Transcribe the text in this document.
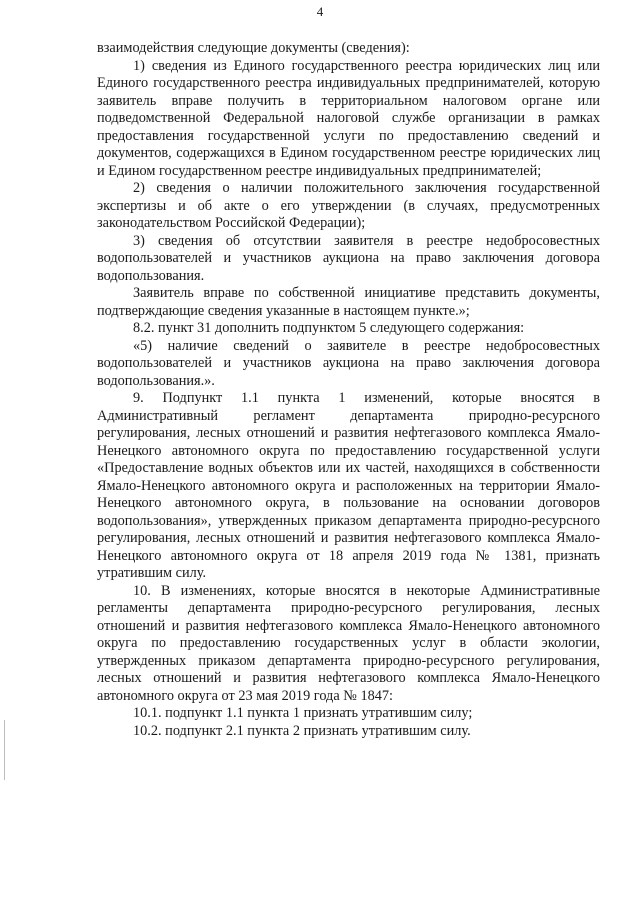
4

взаимодействия следующие документы (сведения):

1) сведения из Единого государственного реестра юридических лиц или Единого государственного реестра индивидуальных предпринимателей, которую заявитель вправе получить в территориальном налоговом органе или подведомственной Федеральной налоговой службе организации в рамках предоставления государственной услуги по предоставлению сведений и документов, содержащихся в Едином государственном реестре юридических лиц и Едином государственном реестре индивидуальных предпринимателей;

2) сведения о наличии положительного заключения государственной экспертизы и об акте о его утверждении (в случаях, предусмотренных законодательством Российской Федерации);

3) сведения об отсутствии заявителя в реестре недобросовестных водопользователей и участников аукциона на право заключения договора водопользования.

Заявитель вправе по собственной инициативе представить документы, подтверждающие сведения указанные в настоящем пункте.»;

8.2. пункт 31 дополнить подпунктом 5 следующего содержания:

«5) наличие сведений о заявителе в реестре недобросовестных водопользователей и участников аукциона на право заключения договора водопользования.».

9. Подпункт 1.1 пункта 1 изменений, которые вносятся в Административный регламент департамента природно-ресурсного регулирования, лесных отношений и развития нефтегазового комплекса Ямало-Ненецкого автономного округа по предоставлению государственной услуги «Предоставление водных объектов или их частей, находящихся в собственности Ямало-Ненецкого автономного округа и расположенных на территории Ямало-Ненецкого автономного округа, в пользование на основании договоров водопользования», утвержденных приказом департамента природно-ресурсного регулирования, лесных отношений и развития нефтегазового комплекса Ямало-Ненецкого автономного округа от 18 апреля 2019 года № 1381, признать утратившим силу.

10. В изменениях, которые вносятся в некоторые Административные регламенты департамента природно-ресурсного регулирования, лесных отношений и развития нефтегазового комплекса Ямало-Ненецкого автономного округа по предоставлению государственных услуг в области экологии, утвержденных приказом департамента природно-ресурсного регулирования, лесных отношений и развития нефтегазового комплекса Ямало-Ненецкого автономного округа от 23 мая 2019 года № 1847:

10.1. подпункт 1.1 пункта 1 признать утратившим силу;

10.2. подпункт 2.1 пункта 2 признать утратившим силу.
